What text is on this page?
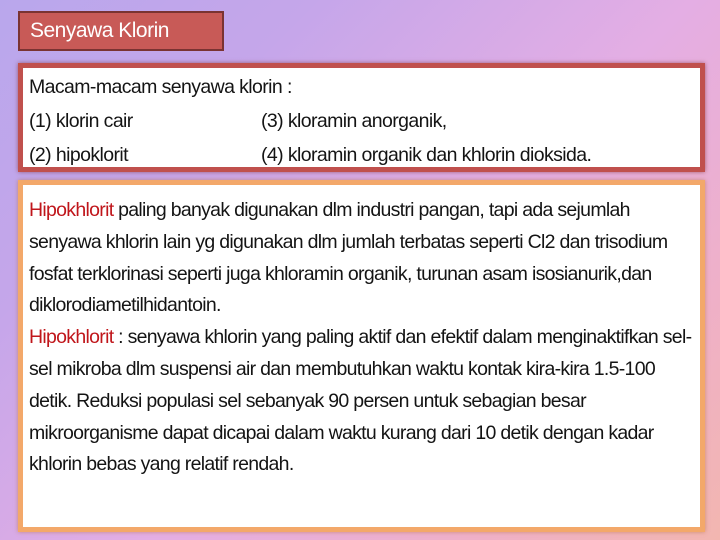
Senyawa Klorin
Macam-macam senyawa klorin :
(1) klorin cair	(3) kloramin anorganik,
(2) hipoklorit	(4) kloramin organik dan khlorin dioksida.

Hipokhlorit paling banyak digunakan dlm industri pangan, tapi ada sejumlah senyawa khlorin lain yg digunakan dlm jumlah terbatas seperti Cl2 dan trisodium fosfat terklorinasi seperti juga khloramin organik, turunan asam isosianurik,dan diklorodiametilhidantoin.

Hipokhlorit : senyawa khlorin yang paling aktif dan efektif dalam menginaktifkan sel-sel mikroba dlm suspensi air dan membutuhkan waktu kontak kira-kira 1.5-100 detik. Reduksi populasi sel sebanyak 90 persen untuk sebagian besar mikroorganisme dapat dicapai dalam waktu kurang dari 10 detik dengan kadar khlorin bebas yang relatif rendah.
